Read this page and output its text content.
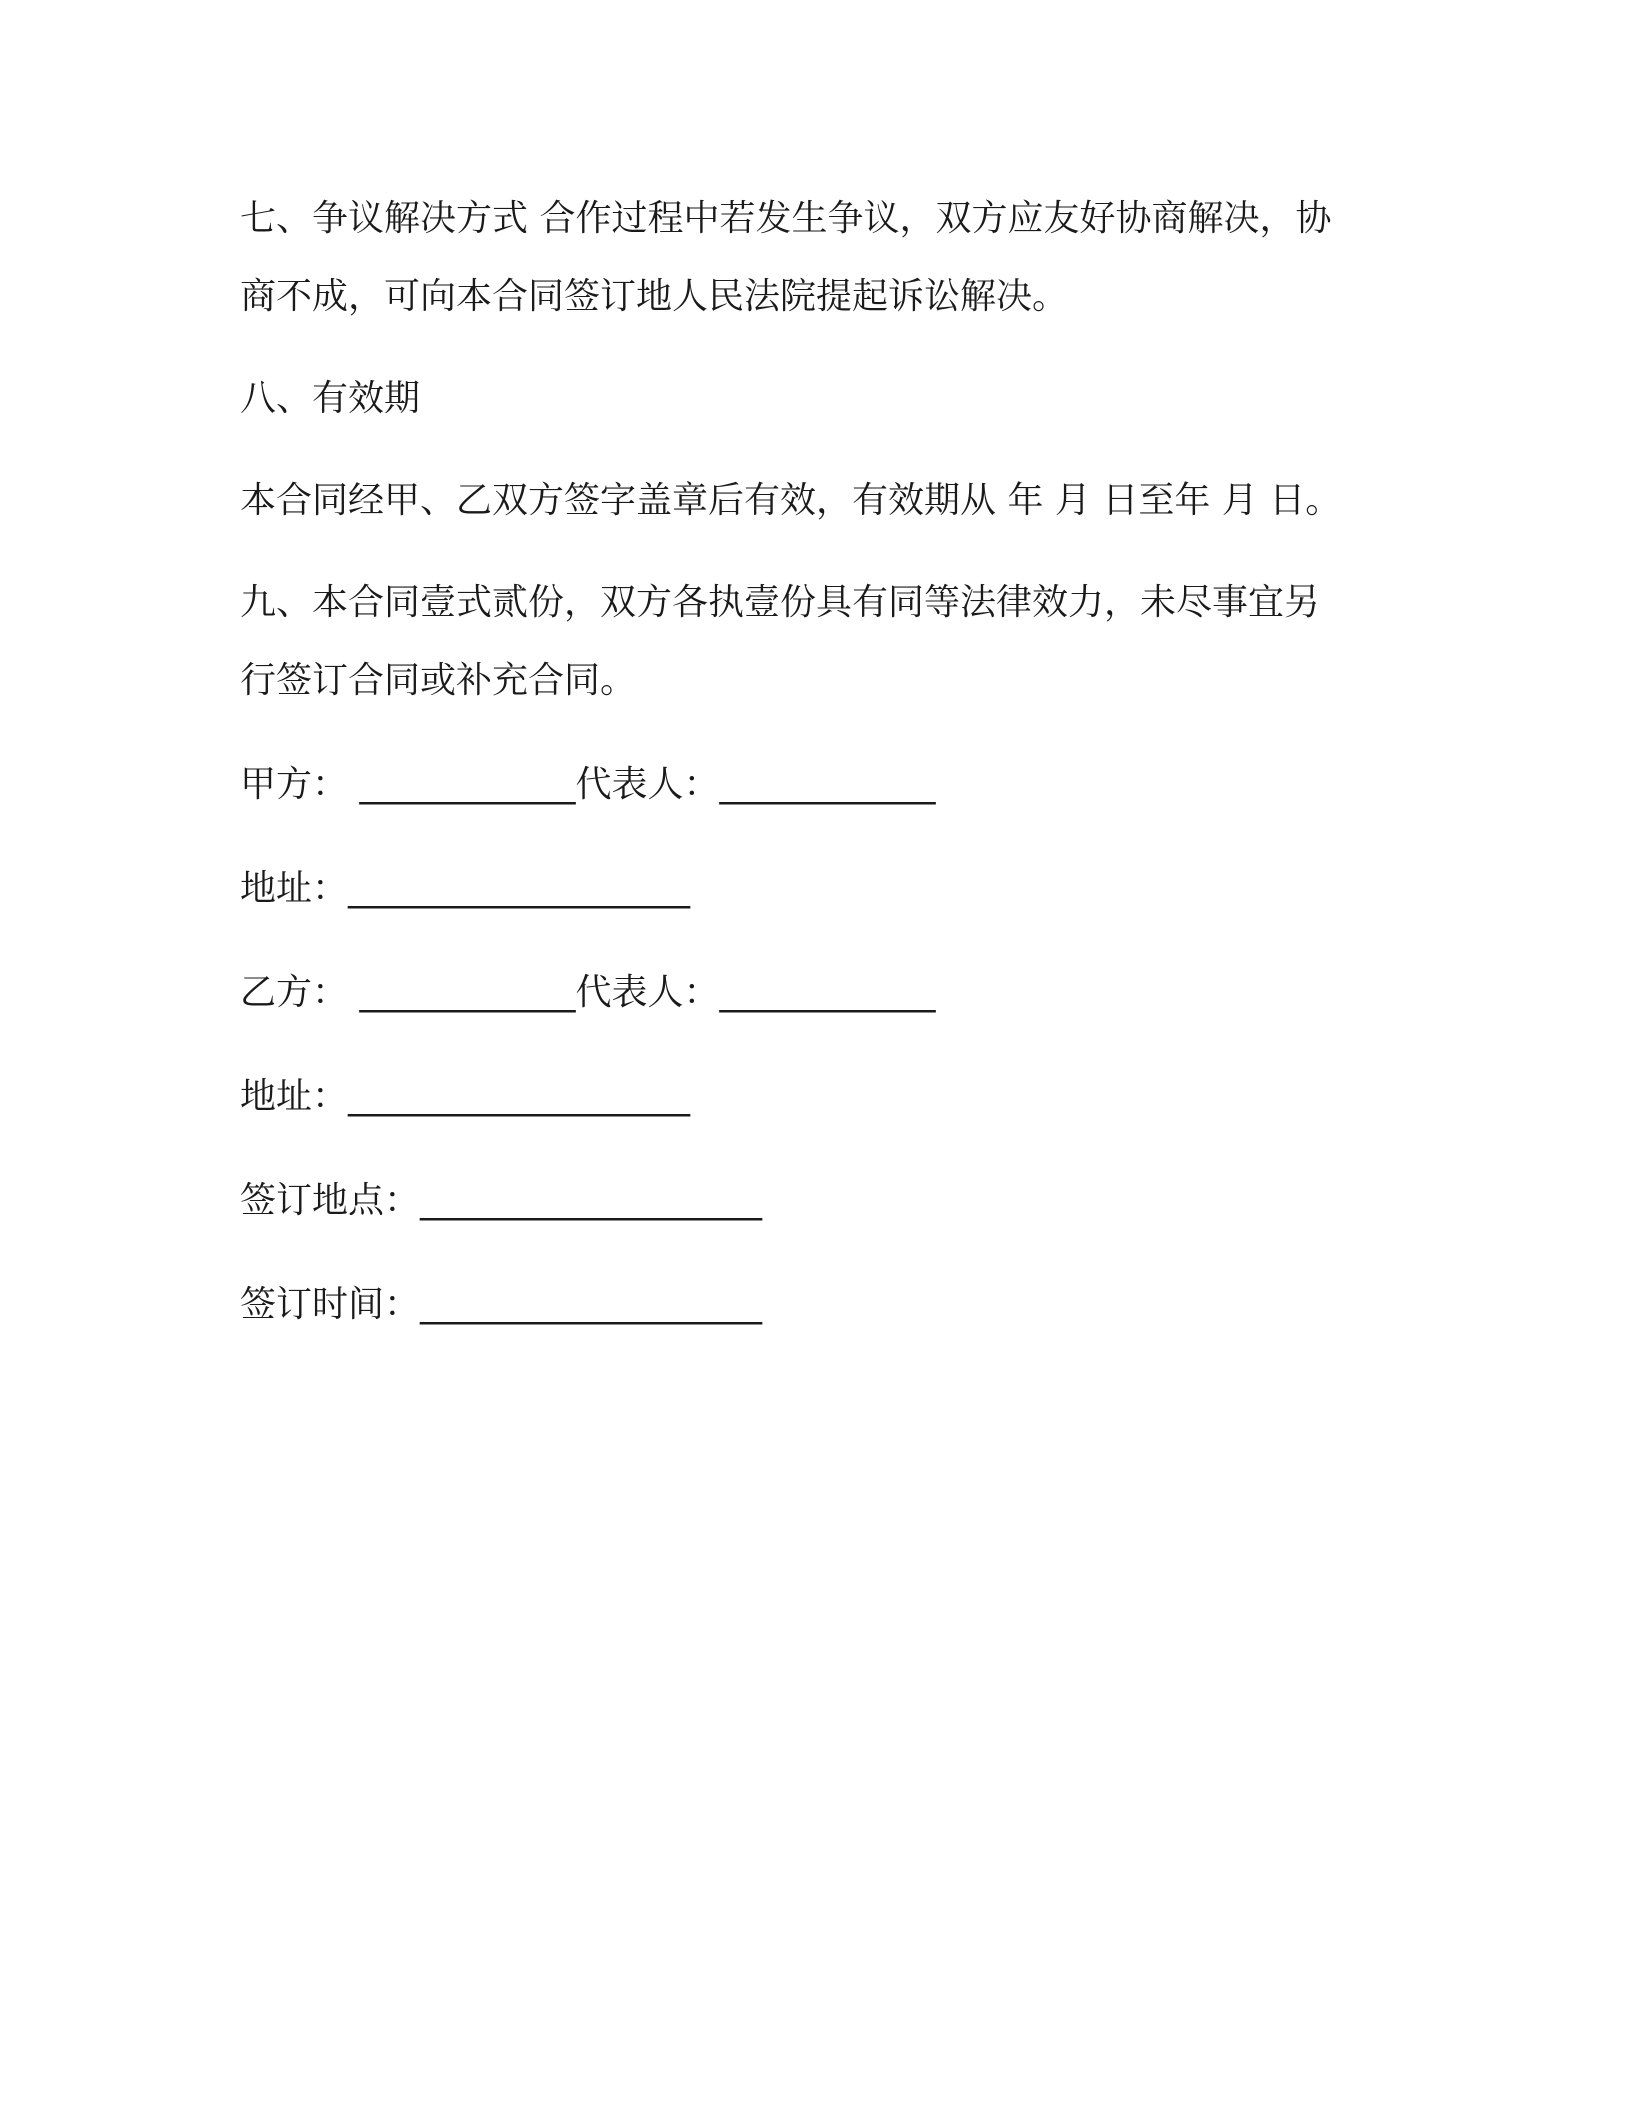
七、争议解决方式 合作过程中若发生争议，双方应友好协商解决，协
商不成，可向本合同签订地人民法院提起诉讼解决。
八、有效期
本合同经甲、乙双方签字盖章后有效，有效期从 年 月 日至年 月 日。
九、本合同壹式贰份，双方各执壹份具有同等法律效力，未尽事宜另
行签订合同或补充合同。
甲方： ____________代表人：____________
地址：___________________
乙方： ____________代表人：____________
地址：___________________
签订地点：___________________
签订时间：___________________
